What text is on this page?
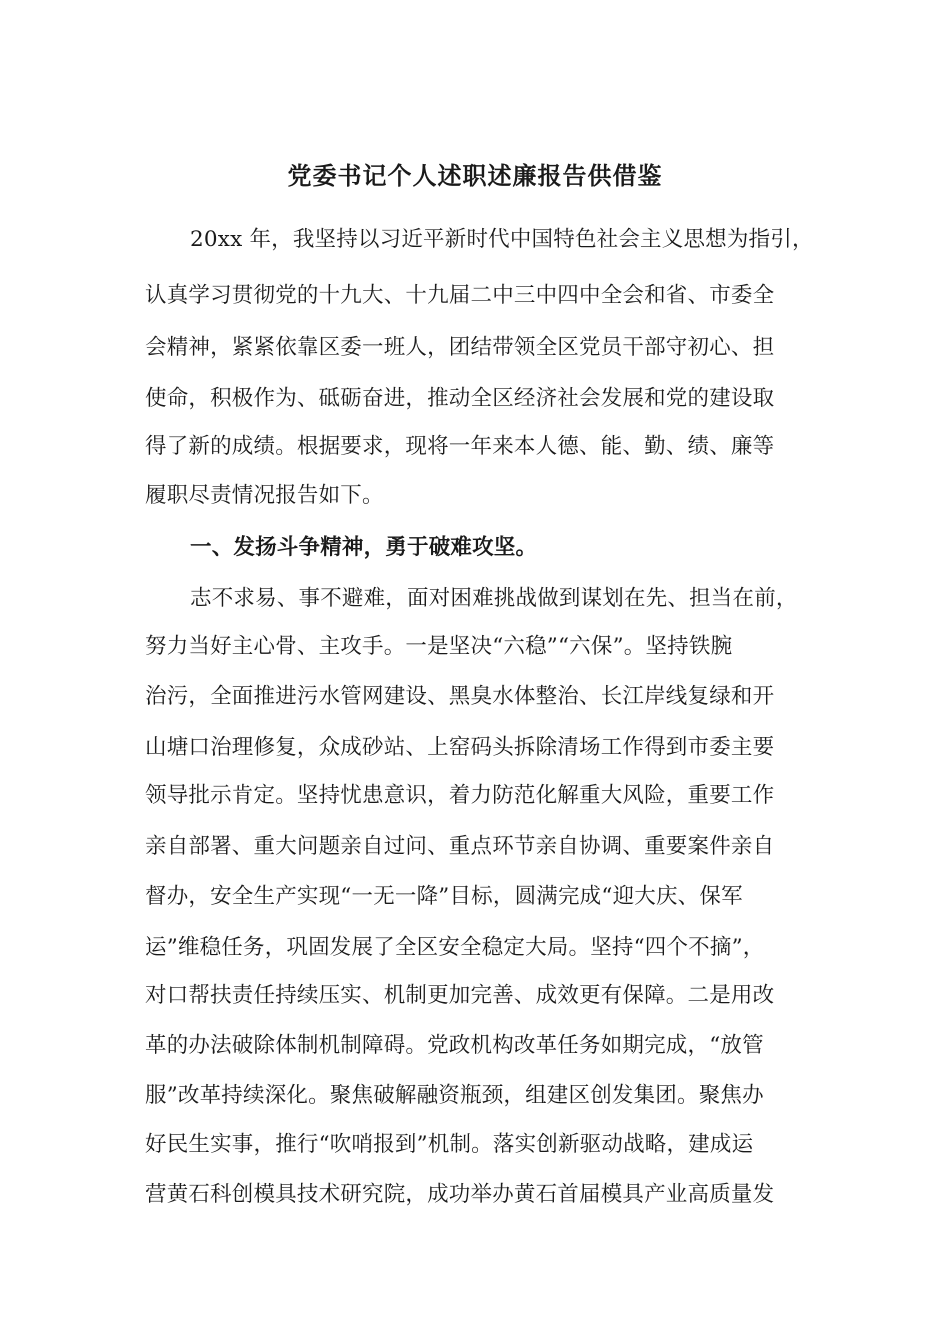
党委书记个人述职述廉报告供借鉴
20xx 年，我坚持以习近平新时代中国特色社会主义思想为指引，
认真学习贯彻党的十九大、十九届二中三中四中全会和省、市委全
会精神，紧紧依靠区委一班人，团结带领全区党员干部守初心、担
使命，积极作为、砥砺奋进，推动全区经济社会发展和党的建设取
得了新的成绩。根据要求，现将一年来本人德、能、勤、绩、廉等
履职尽责情况报告如下。
一、发扬斗争精神，勇于破难攻坚。
志不求易、事不避难，面对困难挑战做到谋划在先、担当在前，
努力当好主心骨、主攻手。一是坚决“六稳”“六保”。坚持铁腕
治污，全面推进污水管网建设、黑臭水体整治、长江岸线复绿和开
山塘口治理修复，众成砂站、上窑码头拆除清场工作得到市委主要
领导批示肯定。坚持忧患意识，着力防范化解重大风险，重要工作
亲自部署、重大问题亲自过问、重点环节亲自协调、重要案件亲自
督办，安全生产实现“一无一降”目标，圆满完成“迎大庆、保军
运”维稳任务，巩固发展了全区安全稳定大局。坚持“四个不摘”，
对口帮扶责任持续压实、机制更加完善、成效更有保障。二是用改
革的办法破除体制机制障碍。党政机构改革任务如期完成，“放管
服”改革持续深化。聚焦破解融资瓶颈，组建区创发集团。聚焦办
好民生实事，推行“吹哨报到”机制。落实创新驱动战略，建成运
营黄石科创模具技术研究院，成功举办黄石首届模具产业高质量发
